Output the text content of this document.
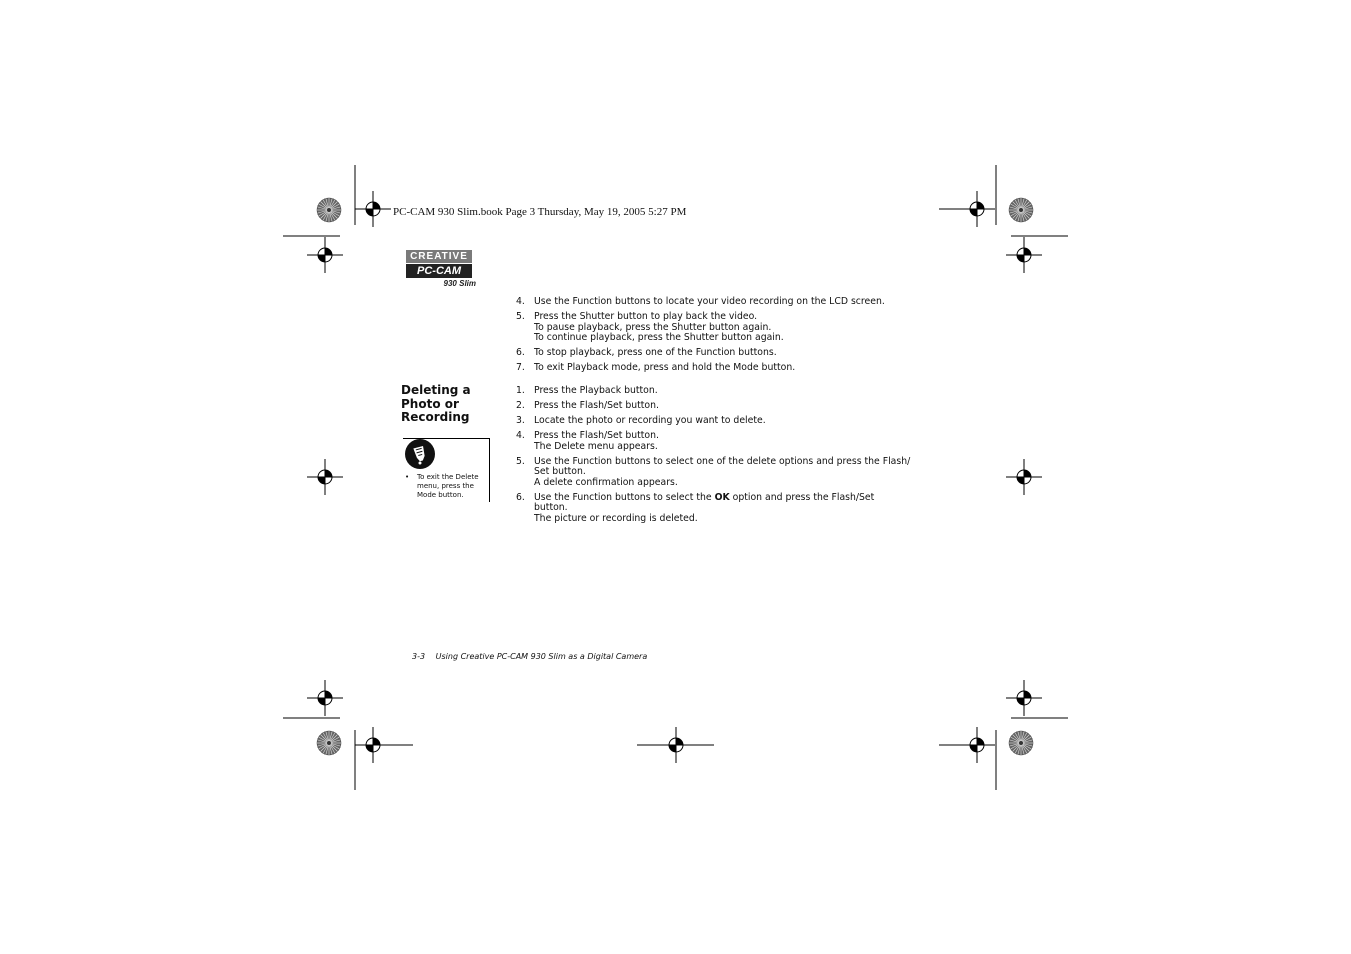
PC-CAM 930 Slim.book Page 3 Thursday, May 19, 2005 5:27 PM
CREATIVE
PC-CAM
930 Slim
4. Use the Function buttons to locate your video recording on the LCD screen.
5. Press the Shutter button to play back the video.
To pause playback, press the Shutter button again.
To continue playback, press the Shutter button again.
6. To stop playback, press one of the Function buttons.
7. To exit Playback mode, press and hold the Mode button.
Deleting a Photo or Recording
• To exit the Delete menu, press the Mode button.
1. Press the Playback button.
2. Press the Flash/Set button.
3. Locate the photo or recording you want to delete.
4. Press the Flash/Set button.
The Delete menu appears.
5. Use the Function buttons to select one of the delete options and press the Flash/
Set button.
A delete confirmation appears.
6. Use the Function buttons to select the OK option and press the Flash/Set
button.
The picture or recording is deleted.
3-3 Using Creative PC-CAM 930 Slim as a Digital Camera
